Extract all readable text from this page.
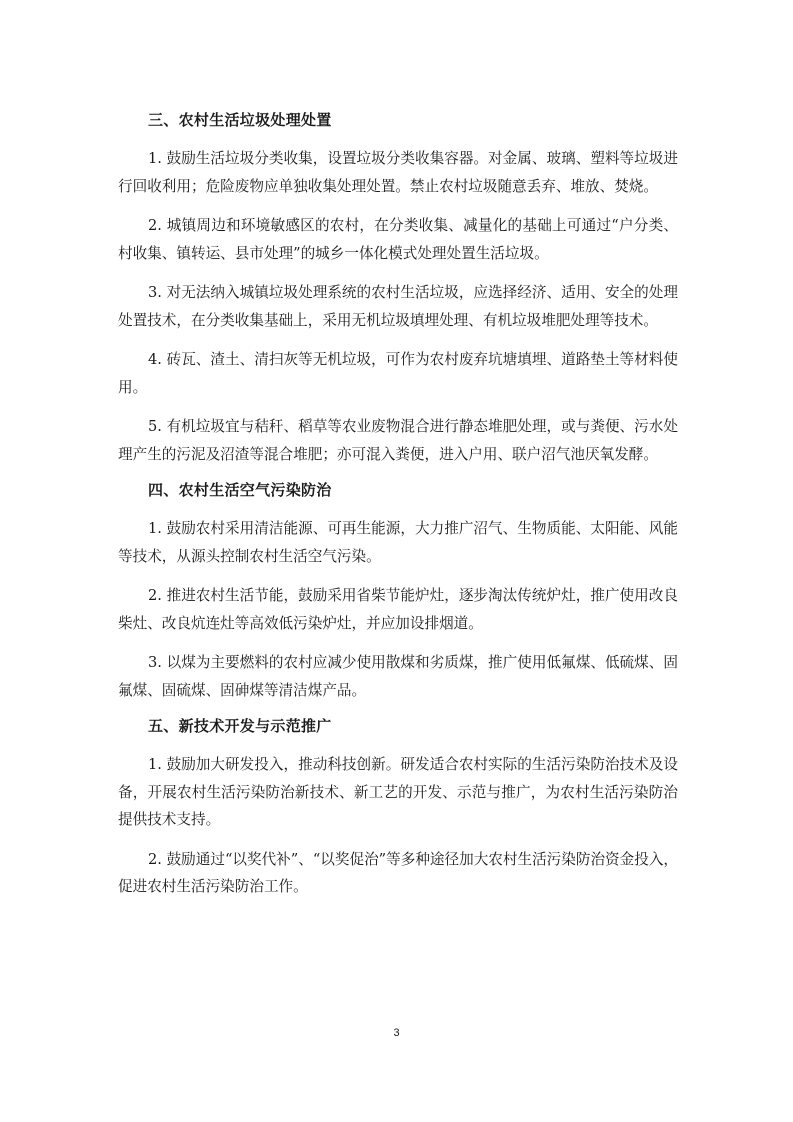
三、农村生活垃圾处理处置

1. 鼓励生活垃圾分类收集，设置垃圾分类收集容器。对金属、玻璃、塑料等垃圾进行回收利用；危险废物应单独收集处理处置。禁止农村垃圾随意丢弃、堆放、焚烧。

2. 城镇周边和环境敏感区的农村，在分类收集、减量化的基础上可通过“户分类、村收集、镇转运、县市处理”的城乡一体化模式处理处置生活垃圾。

3. 对无法纳入城镇垃圾处理系统的农村生活垃圾，应选择经济、适用、安全的处理处置技术，在分类收集基础上，采用无机垃圾填埋处理、有机垃圾堆肥处理等技术。

4. 砖瓦、渣土、清扫灰等无机垃圾，可作为农村废弃坑塘填埋、道路垫土等材料使用。

5. 有机垃圾宜与秸秆、稻草等农业废物混合进行静态堆肥处理，或与粪便、污水处理产生的污泥及沼渣等混合堆肥；亦可混入粪便，进入户用、联户沼气池厌氧发酵。

四、农村生活空气污染防治

1. 鼓励农村采用清洁能源、可再生能源，大力推广沼气、生物质能、太阳能、风能等技术，从源头控制农村生活空气污染。

2. 推进农村生活节能，鼓励采用省柴节能炉灶，逐步淘汰传统炉灶，推广使用改良柴灶、改良炕连灶等高效低污染炉灶，并应加设排烟道。

3. 以煤为主要燃料的农村应减少使用散煤和劣质煤，推广使用低氟煤、低硫煤、固氟煤、固硫煤、固砷煤等清洁煤产品。

五、新技术开发与示范推广

1. 鼓励加大研发投入，推动科技创新。研发适合农村实际的生活污染防治技术及设备，开展农村生活污染防治新技术、新工艺的开发、示范与推广，为农村生活污染防治提供技术支持。

2. 鼓励通过“以奖代补”、“以奖促治”等多种途径加大农村生活污染防治资金投入，促进农村生活污染防治工作。

3
